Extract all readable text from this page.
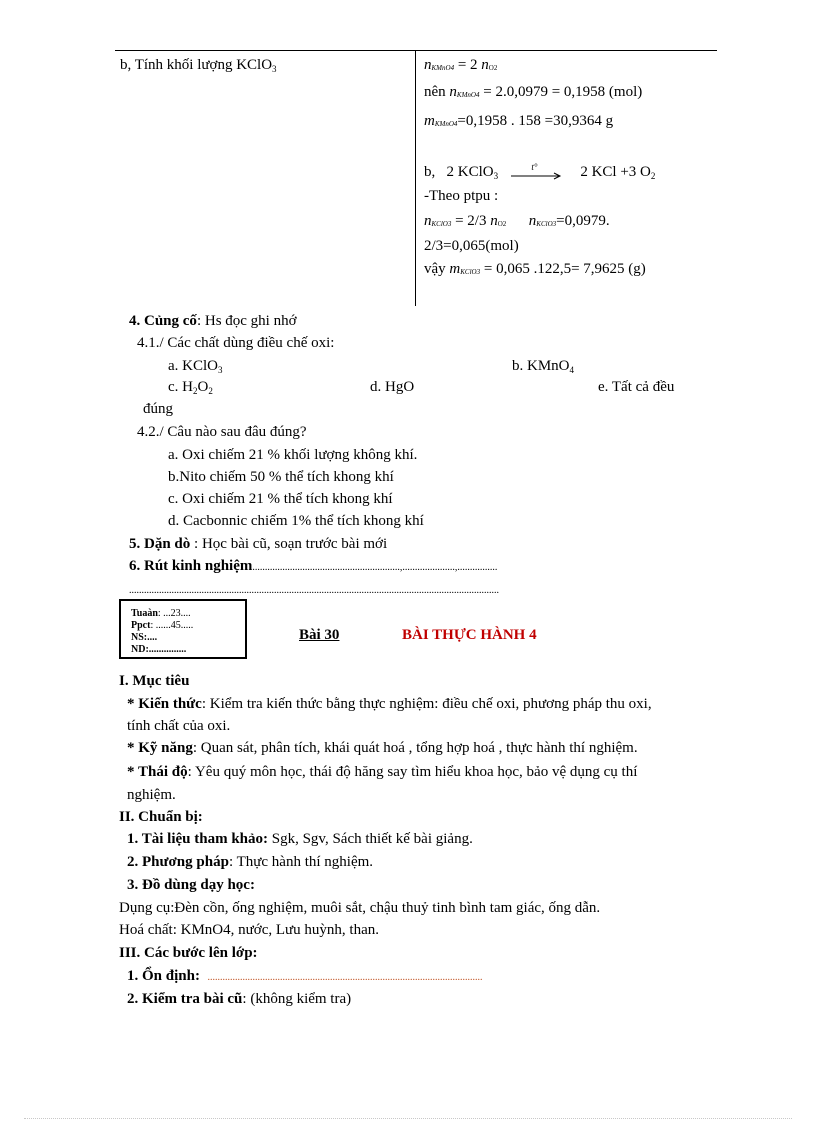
b, Tính khối lượng KClO$_3$	nKMnO4 = 2 nO2
nên nKMnO4 = 2.0,0979 = 0,1958 (mol)
mKMnO4=0,1958 . 158 =30,9364 g
b, 2 KClO$_3$
t°	2 KCl +3 $O_2$
-Theo ptpu :
nKClO3 = 2/3 nO2 nKClO3=0,0979.
2/3=0,065(mol)
vậy mKClO3 = 0,065 .122,5= 7,9625 (g)
4. Củng cố: Hs đọc ghi nhớ
4.1./ Các chất dùng điều chế oxi:
a. KClO$_3$	b. KMnO$_4$
c. $H_2O_2$	d. HgO	e. Tất cả đều
đúng
4.2./ Câu nào sau đâu đúng?
a. Oxi chiếm 21 % khối lượng không khí.
b.Nito chiếm 50 % thể tích khong khí
c. Oxi chiếm 21 % thể tích khong khí
d. Cacbonnic chiếm 1% thể tích khong khí
5. Dặn dò : Học bài cũ, soạn trước bài mới
6. Rút kinh nghiệm...........................................................,.....................,................
....................................................................................................................................................
Tuaàn: ...23....
Ppct: ......45.....
NS:....
ND:...............
Bài 30	BÀI THỰC HÀNH 4
I. Mục tiêu
* Kiến thức: Kiểm tra kiến thức bằng thực nghiệm: điều chế oxi, phương pháp thu oxi,
tính chất của oxi.
* Kỹ năng: Quan sát, phân tích, khái quát hoá , tổng hợp hoá , thực hành thí nghiệm.
* Thái độ: Yêu quý môn học, thái độ hăng say tìm hiểu khoa học, bảo vệ dụng cụ thí
nghiệm.
II. Chuẩn bị:
1. Tài liệu tham khảo: Sgk, Sgv, Sách thiết kế bài giảng.
2. Phương pháp: Thực hành thí nghiệm.
3. Đồ dùng dạy học:
Dụng cụ:Đèn cồn, ống nghiệm, muôi sắt, chậu thuỷ tinh bình tam giác, ống dẫn.
Hoá chất: KMnO4, nước, Lưu huỳnh, than.
III. Các bước lên lớp:
1. Ổn định: ..............................................................................................................
2. Kiểm tra bài cũ: (không kiểm tra)
